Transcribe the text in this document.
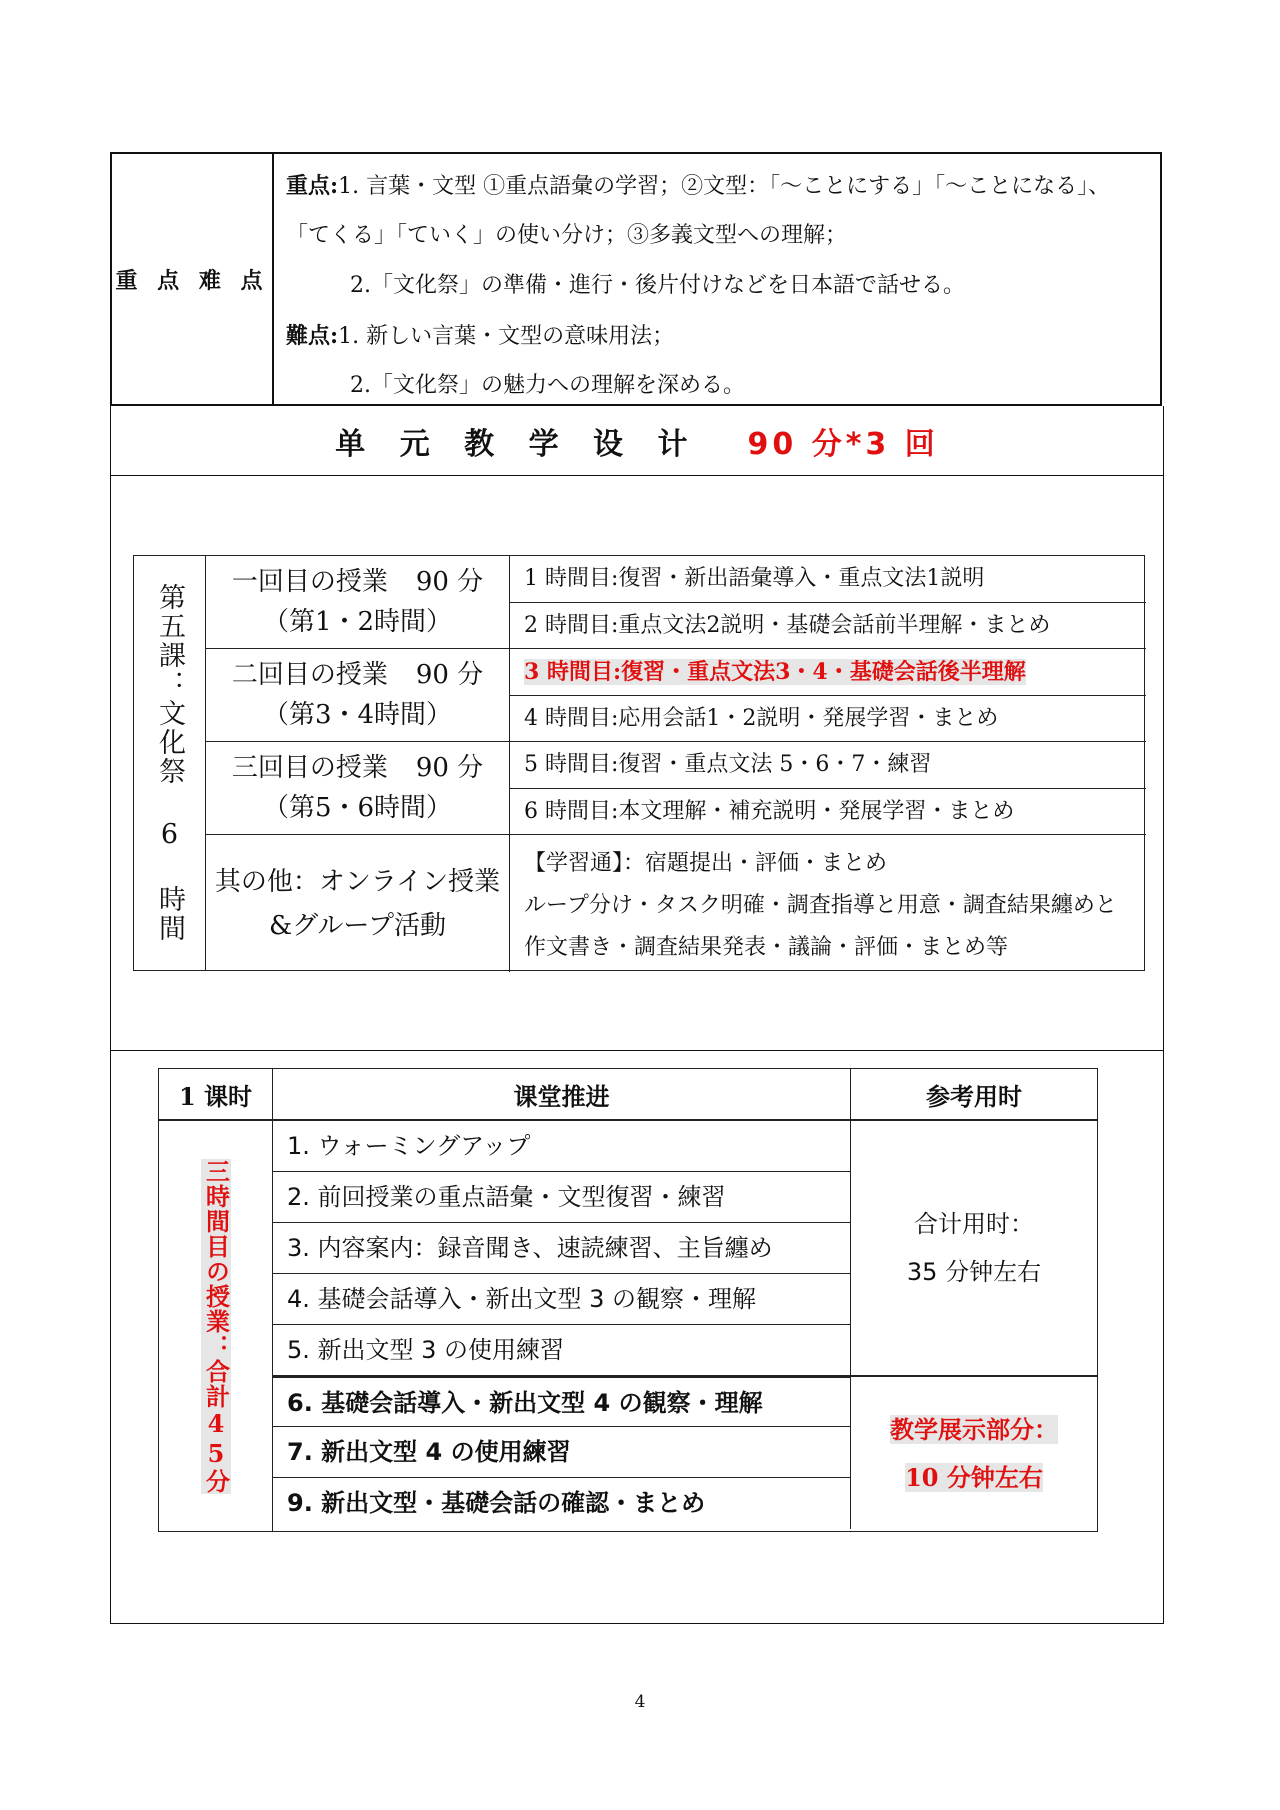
重 点 难 点
重点:1. 言葉・文型 ①重点語彙の学習；②文型：「～ことにする」「～ことになる」、
「てくる」「ていく」の使い分け；③多義文型への理解；
2.「文化祭」の準備・進行・後片付けなどを日本語で話せる。
難点:1. 新しい言葉・文型の意味用法；
2.「文化祭」の魅力への理解を深める。
单 元 教 学 设 计 90 分*3 回
第五課：文化祭 6 時間
一回目の授業 90 分
（第1・2時間）
二回目の授業 90 分
（第3・4時間）
三回目の授業 90 分
（第5・6時間）
其の他：オンライン授業
&グループ活動
1 時間目:復習・新出語彙導入・重点文法1説明
2 時間目:重点文法2説明・基礎会話前半理解・まとめ
3 時間目:復習・重点文法3・4・基礎会話後半理解
4 時間目:応用会話1・2説明・発展学習・まとめ
5 時間目:復習・重点文法 5・6・7・練習
6 時間目:本文理解・補充説明・発展学習・まとめ
【学習通】：宿題提出・評価・まとめ
ループ分け・タスク明確・調査指導と用意・調査結果纏めと
作文書き・調査結果発表・議論・評価・まとめ等
1 课时	课堂推进	参考用时
三時間目の授業：合計45分
1. ウォーミングアップ
2. 前回授業の重点語彙・文型復習・練習
3. 内容案内：録音聞き、速読練習、主旨纏め
4. 基礎会話導入・新出文型 3 の観察・理解
5. 新出文型 3 の使用練習
6. 基礎会話導入・新出文型 4 の観察・理解
7. 新出文型 4 の使用練習
9. 新出文型・基礎会話の確認・まとめ
合计用时：
35 分钟左右
教学展示部分：
10 分钟左右
4
